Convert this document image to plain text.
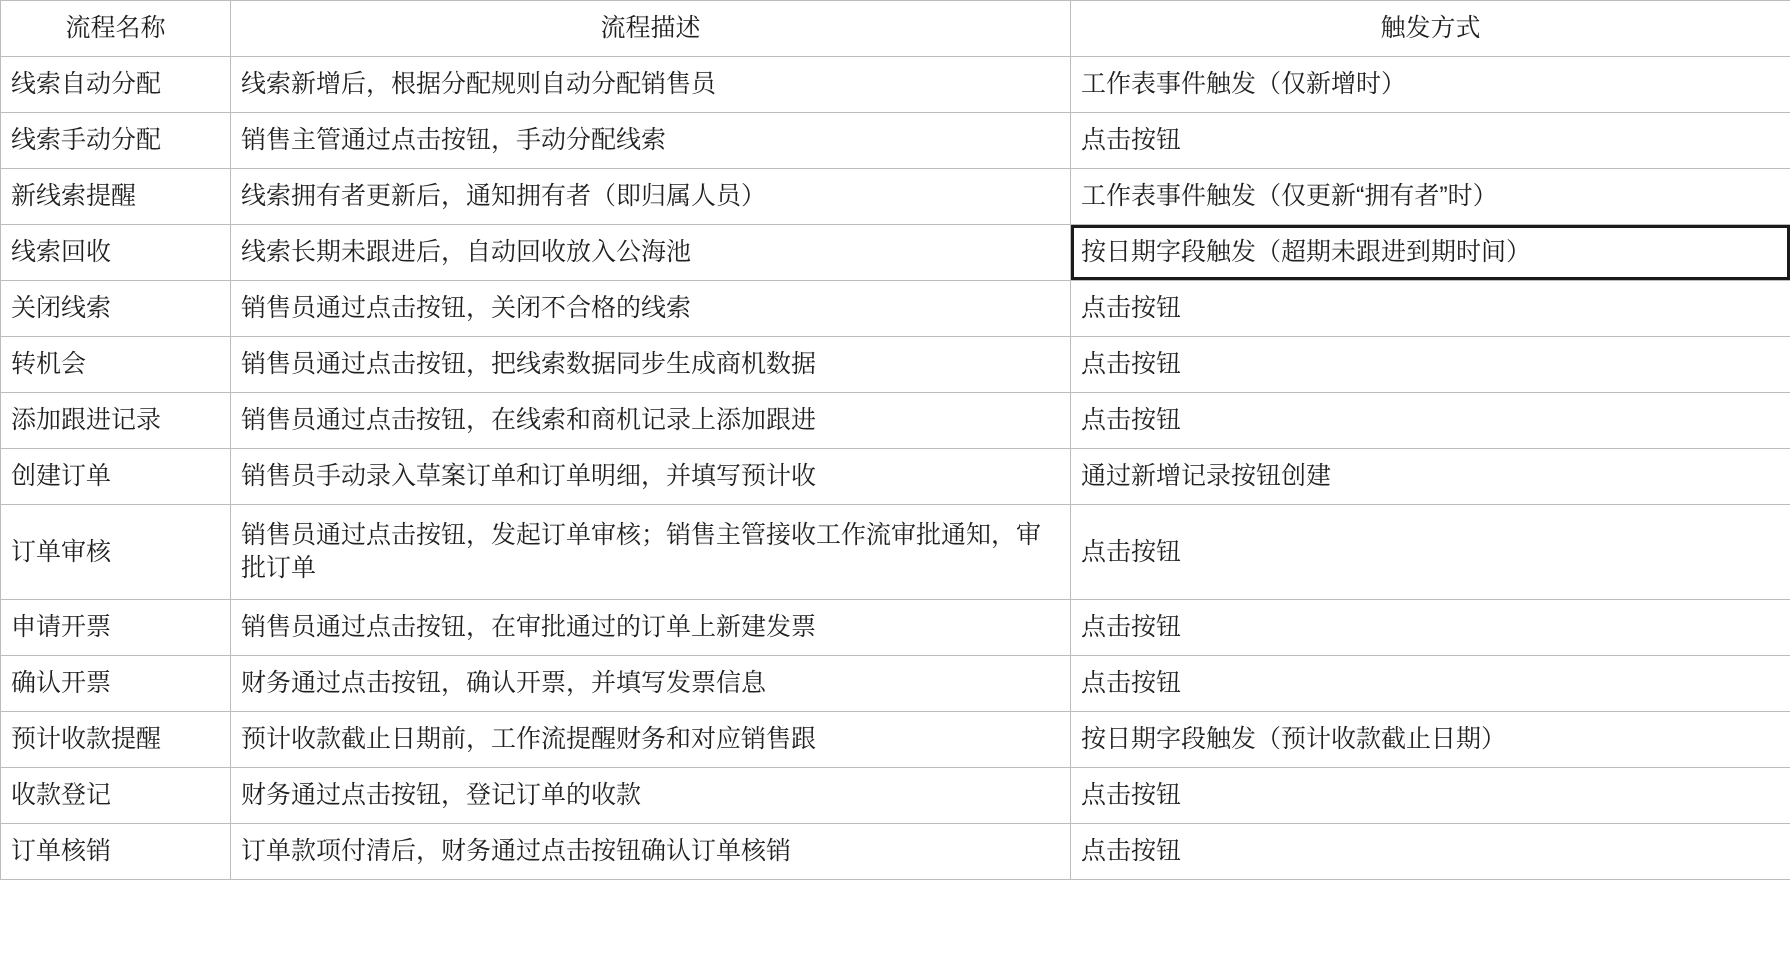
流程名称	流程描述	触发方式
线索自动分配	线索新增后，根据分配规则自动分配销售员	工作表事件触发（仅新增时）
线索手动分配	销售主管通过点击按钮，手动分配线索	点击按钮
新线索提醒	线索拥有者更新后，通知拥有者（即归属人员）	工作表事件触发（仅更新“拥有者”时）
线索回收	线索长期未跟进后，自动回收放入公海池	按日期字段触发（超期未跟进到期时间）
关闭线索	销售员通过点击按钮，关闭不合格的线索	点击按钮
转机会	销售员通过点击按钮，把线索数据同步生成商机数据	点击按钮
添加跟进记录	销售员通过点击按钮，在线索和商机记录上添加跟进	点击按钮
创建订单	销售员手动录入草案订单和订单明细，并填写预计收	通过新增记录按钮创建
订单审核	销售员通过点击按钮，发起订单审核；销售主管接收工作流审批通知，审批订单	点击按钮
申请开票	销售员通过点击按钮，在审批通过的订单上新建发票	点击按钮
确认开票	财务通过点击按钮，确认开票，并填写发票信息	点击按钮
预计收款提醒	预计收款截止日期前，工作流提醒财务和对应销售跟	按日期字段触发（预计收款截止日期）
收款登记	财务通过点击按钮，登记订单的收款	点击按钮
订单核销	订单款项付清后，财务通过点击按钮确认订单核销	点击按钮
